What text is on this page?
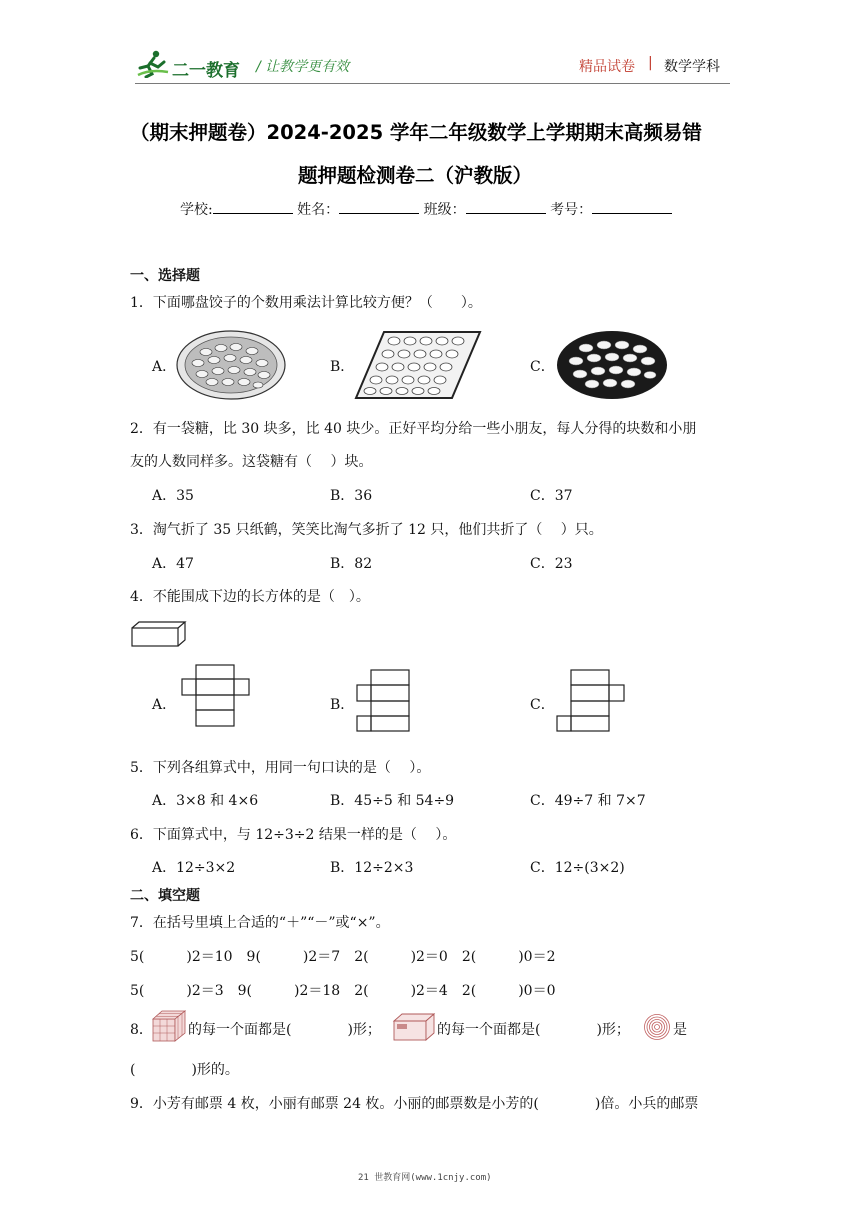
二一教育 / 让教学更有效	精品试卷 | 数学学科
（期末押题卷）2024-2025 学年二年级数学上学期期末高频易错
题押题检测卷二（沪教版）
学校:	姓名：	班级：	考号：
一、选择题
1．下面哪盘饺子的个数用乘法计算比较方便？（　　）。
A．	B．	C．
2．有一袋糖，比 30 块多，比 40 块少。正好平均分给一些小朋友，每人分得的块数和小朋
友的人数同样多。这袋糖有（　 ）块。
A．35	B．36	C．37
3．淘气折了 35 只纸鹤，笑笑比淘气多折了 12 只，他们共折了（　 ）只。
A．47	B．82	C．23
4．不能围成下边的长方体的是（　）。
A．	B．	C．
5．下列各组算式中，用同一句口诀的是（　 ）。
A．3×8 和 4×6	B．45÷5 和 54÷9	C．49÷7 和 7×7
6．下面算式中，与 12÷3÷2 结果一样的是（　 ）。
A．12÷3×2	B．12÷2×3	C．12÷(3×2)
二、填空题
7．在括号里填上合适的“＋”“－”或“×”。
5(　　　)2＝10　9(　　　)2＝7　2(　　　)2＝0　2(　　　)0＝2
5(　　　)2＝3　9(　　　)2＝18　2(　　　)2＝4　2(　　　)0＝0
8．	的每一个面都是(　　　　)形；	的每一个面都是(　　　　)形；	是
(　　　　)形的。
9．小芳有邮票 4 枚，小丽有邮票 24 枚。小丽的邮票数是小芳的(　　　　)倍。小兵的邮票
21 世教育网(www.1cnjy.com)
